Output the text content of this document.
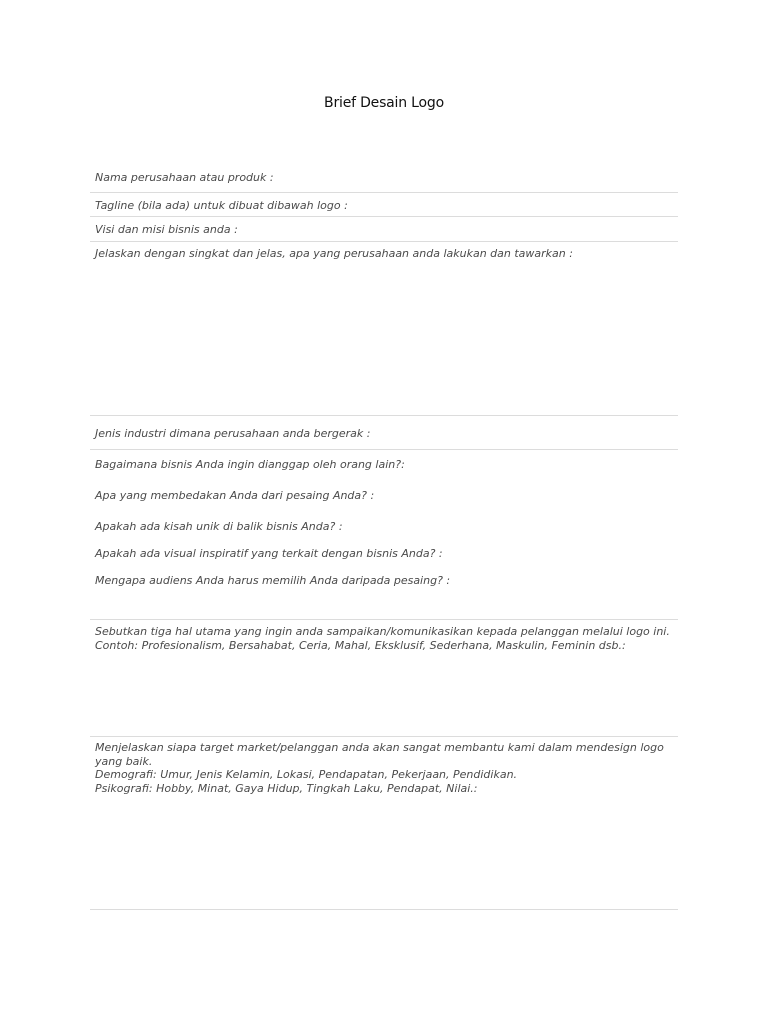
Brief Desain Logo
Nama perusahaan atau produk :
Tagline (bila ada) untuk dibuat dibawah logo :
Visi dan misi bisnis anda :
Jelaskan dengan singkat dan jelas, apa yang perusahaan anda lakukan dan tawarkan :
Jenis industri dimana perusahaan anda bergerak :
Bagaimana bisnis Anda ingin dianggap oleh orang lain?:
Apa yang membedakan Anda dari pesaing Anda? :
Apakah ada kisah unik di balik bisnis Anda? :
Apakah ada visual inspiratif yang terkait dengan bisnis Anda? :
Mengapa audiens Anda harus memilih Anda daripada pesaing? :
Sebutkan tiga hal utama yang ingin anda sampaikan/komunikasikan kepada pelanggan melalui logo ini.
Contoh: Profesionalism, Bersahabat, Ceria, Mahal, Eksklusif, Sederhana, Maskulin, Feminin dsb.:
Menjelaskan siapa target market/pelanggan anda akan sangat membantu kami dalam mendesign logo
yang baik.
Demografi: Umur, Jenis Kelamin, Lokasi, Pendapatan, Pekerjaan, Pendidikan.
Psikografi: Hobby, Minat, Gaya Hidup, Tingkah Laku, Pendapat, Nilai.:
